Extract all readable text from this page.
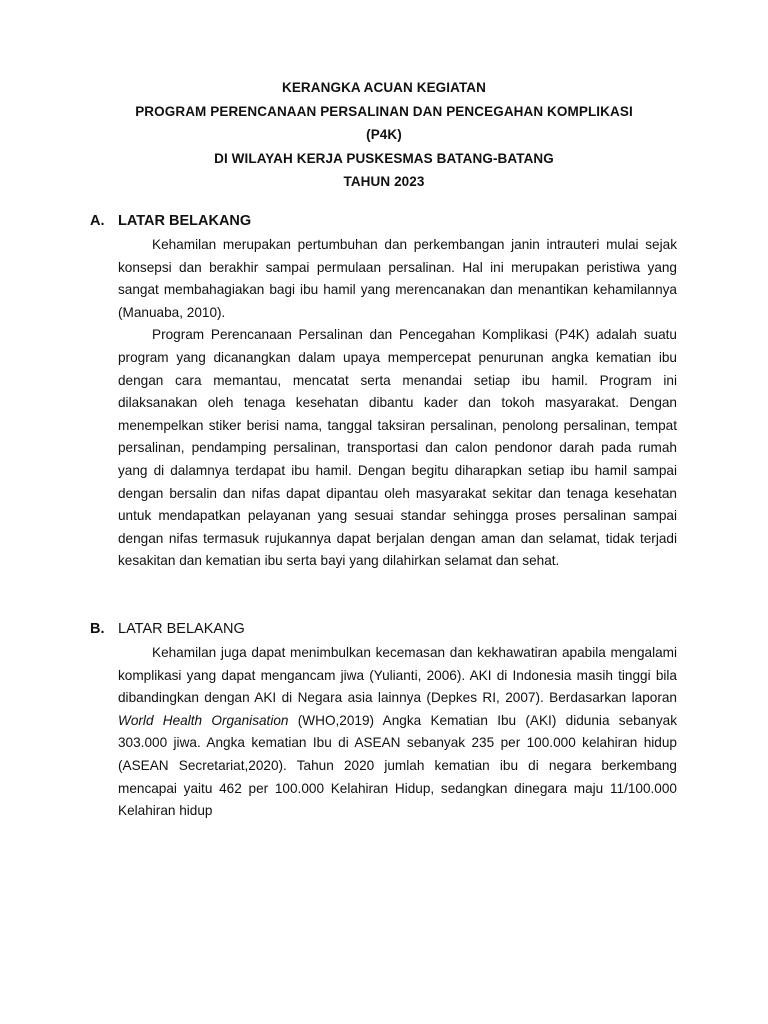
KERANGKA ACUAN KEGIATAN
PROGRAM PERENCANAAN PERSALINAN DAN PENCEGAHAN KOMPLIKASI
(P4K)
DI WILAYAH KERJA PUSKESMAS BATANG-BATANG
TAHUN 2023
A. LATAR BELAKANG

Kehamilan merupakan pertumbuhan dan perkembangan janin intrauteri mulai sejak konsepsi dan berakhir sampai permulaan persalinan. Hal ini merupakan peristiwa yang sangat membahagiakan bagi ibu hamil yang merencanakan dan menantikan kehamilannya (Manuaba, 2010).

Program Perencanaan Persalinan dan Pencegahan Komplikasi (P4K) adalah suatu program yang dicanangkan dalam upaya mempercepat penurunan angka kematian ibu dengan cara memantau, mencatat serta menandai setiap ibu hamil. Program ini dilaksanakan oleh tenaga kesehatan dibantu kader dan tokoh masyarakat. Dengan menempelkan stiker berisi nama, tanggal taksiran persalinan, penolong persalinan, tempat persalinan, pendamping persalinan, transportasi dan calon pendonor darah pada rumah yang di dalamnya terdapat ibu hamil. Dengan begitu diharapkan setiap ibu hamil sampai dengan bersalin dan nifas dapat dipantau oleh masyarakat sekitar dan tenaga kesehatan untuk mendapatkan pelayanan yang sesuai standar sehingga proses persalinan sampai dengan nifas termasuk rujukannya dapat berjalan dengan aman dan selamat, tidak terjadi kesakitan dan kematian ibu serta bayi yang dilahirkan selamat dan sehat.

B. LATAR BELAKANG

Kehamilan juga dapat menimbulkan kecemasan dan kekhawatiran apabila mengalami komplikasi yang dapat mengancam jiwa (Yulianti, 2006). AKI di Indonesia masih tinggi bila dibandingkan dengan AKI di Negara asia lainnya (Depkes RI, 2007). Berdasarkan laporan World Health Organisation (WHO,2019) Angka Kematian Ibu (AKI) didunia sebanyak 303.000 jiwa. Angka kematian Ibu di ASEAN sebanyak 235 per 100.000 kelahiran hidup (ASEAN Secretariat,2020). Tahun 2020 jumlah kematian ibu di negara berkembang mencapai yaitu 462 per 100.000 Kelahiran Hidup, sedangkan dinegara maju 11/100.000 Kelahiran hidup
